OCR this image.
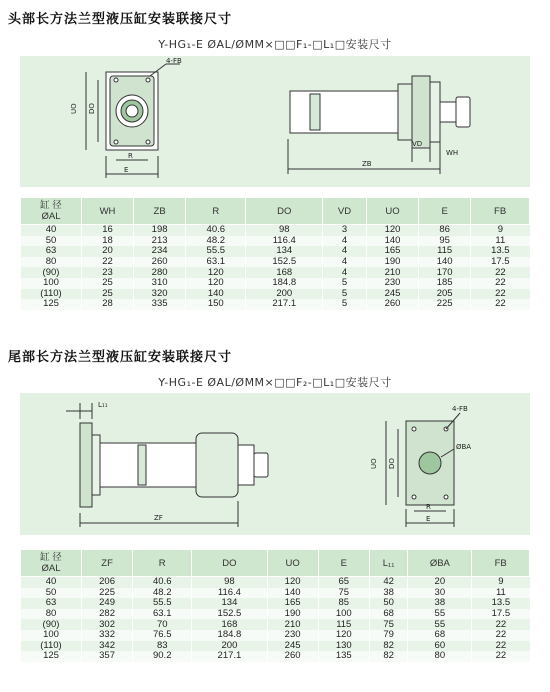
头部长方法兰型液压缸安装联接尺寸
Y-HG₁-E ØAL/ØMM×□□F₁-□L₁□安装尺寸
4-FB
UO DO
R
E
ZB
VD
WH
缸 径
ØAL	WH	ZB	R	DO	VD	UO	E	FB
40	16	198	40.6	98	3	120	86	9
50	18	213	48.2	116.4	4	140	95	11
63	20	234	55.5	134	4	165	115	13.5
80	22	260	63.1	152.5	4	190	140	17.5
(90)	23	280	120	168	4	210	170	22
100	25	310	120	184.8	5	230	185	22
(110)	25	320	140	200	5	245	205	22
125	28	335	150	217.1	5	260	225	22
尾部长方法兰型液压缸安装联接尺寸
Y-HG₁-E ØAL/ØMM×□□F₂-□L₁□安装尺寸
L₁₁
ZF
4-FB
ØBA
UO DO
R
E
缸 径
ØAL	ZF	R	DO	UO	E	L₁₁	ØBA	FB
40	206	40.6	98	120	65	42	20	9
50	225	48.2	116.4	140	75	38	30	11
63	249	55.5	134	165	85	50	38	13.5
80	282	63.1	152.5	190	100	68	55	17.5
(90)	302	70	168	210	115	75	55	22
100	332	76.5	184.8	230	120	79	68	22
(110)	342	83	200	245	130	82	60	22
125	357	90.2	217.1	260	135	82	80	22
